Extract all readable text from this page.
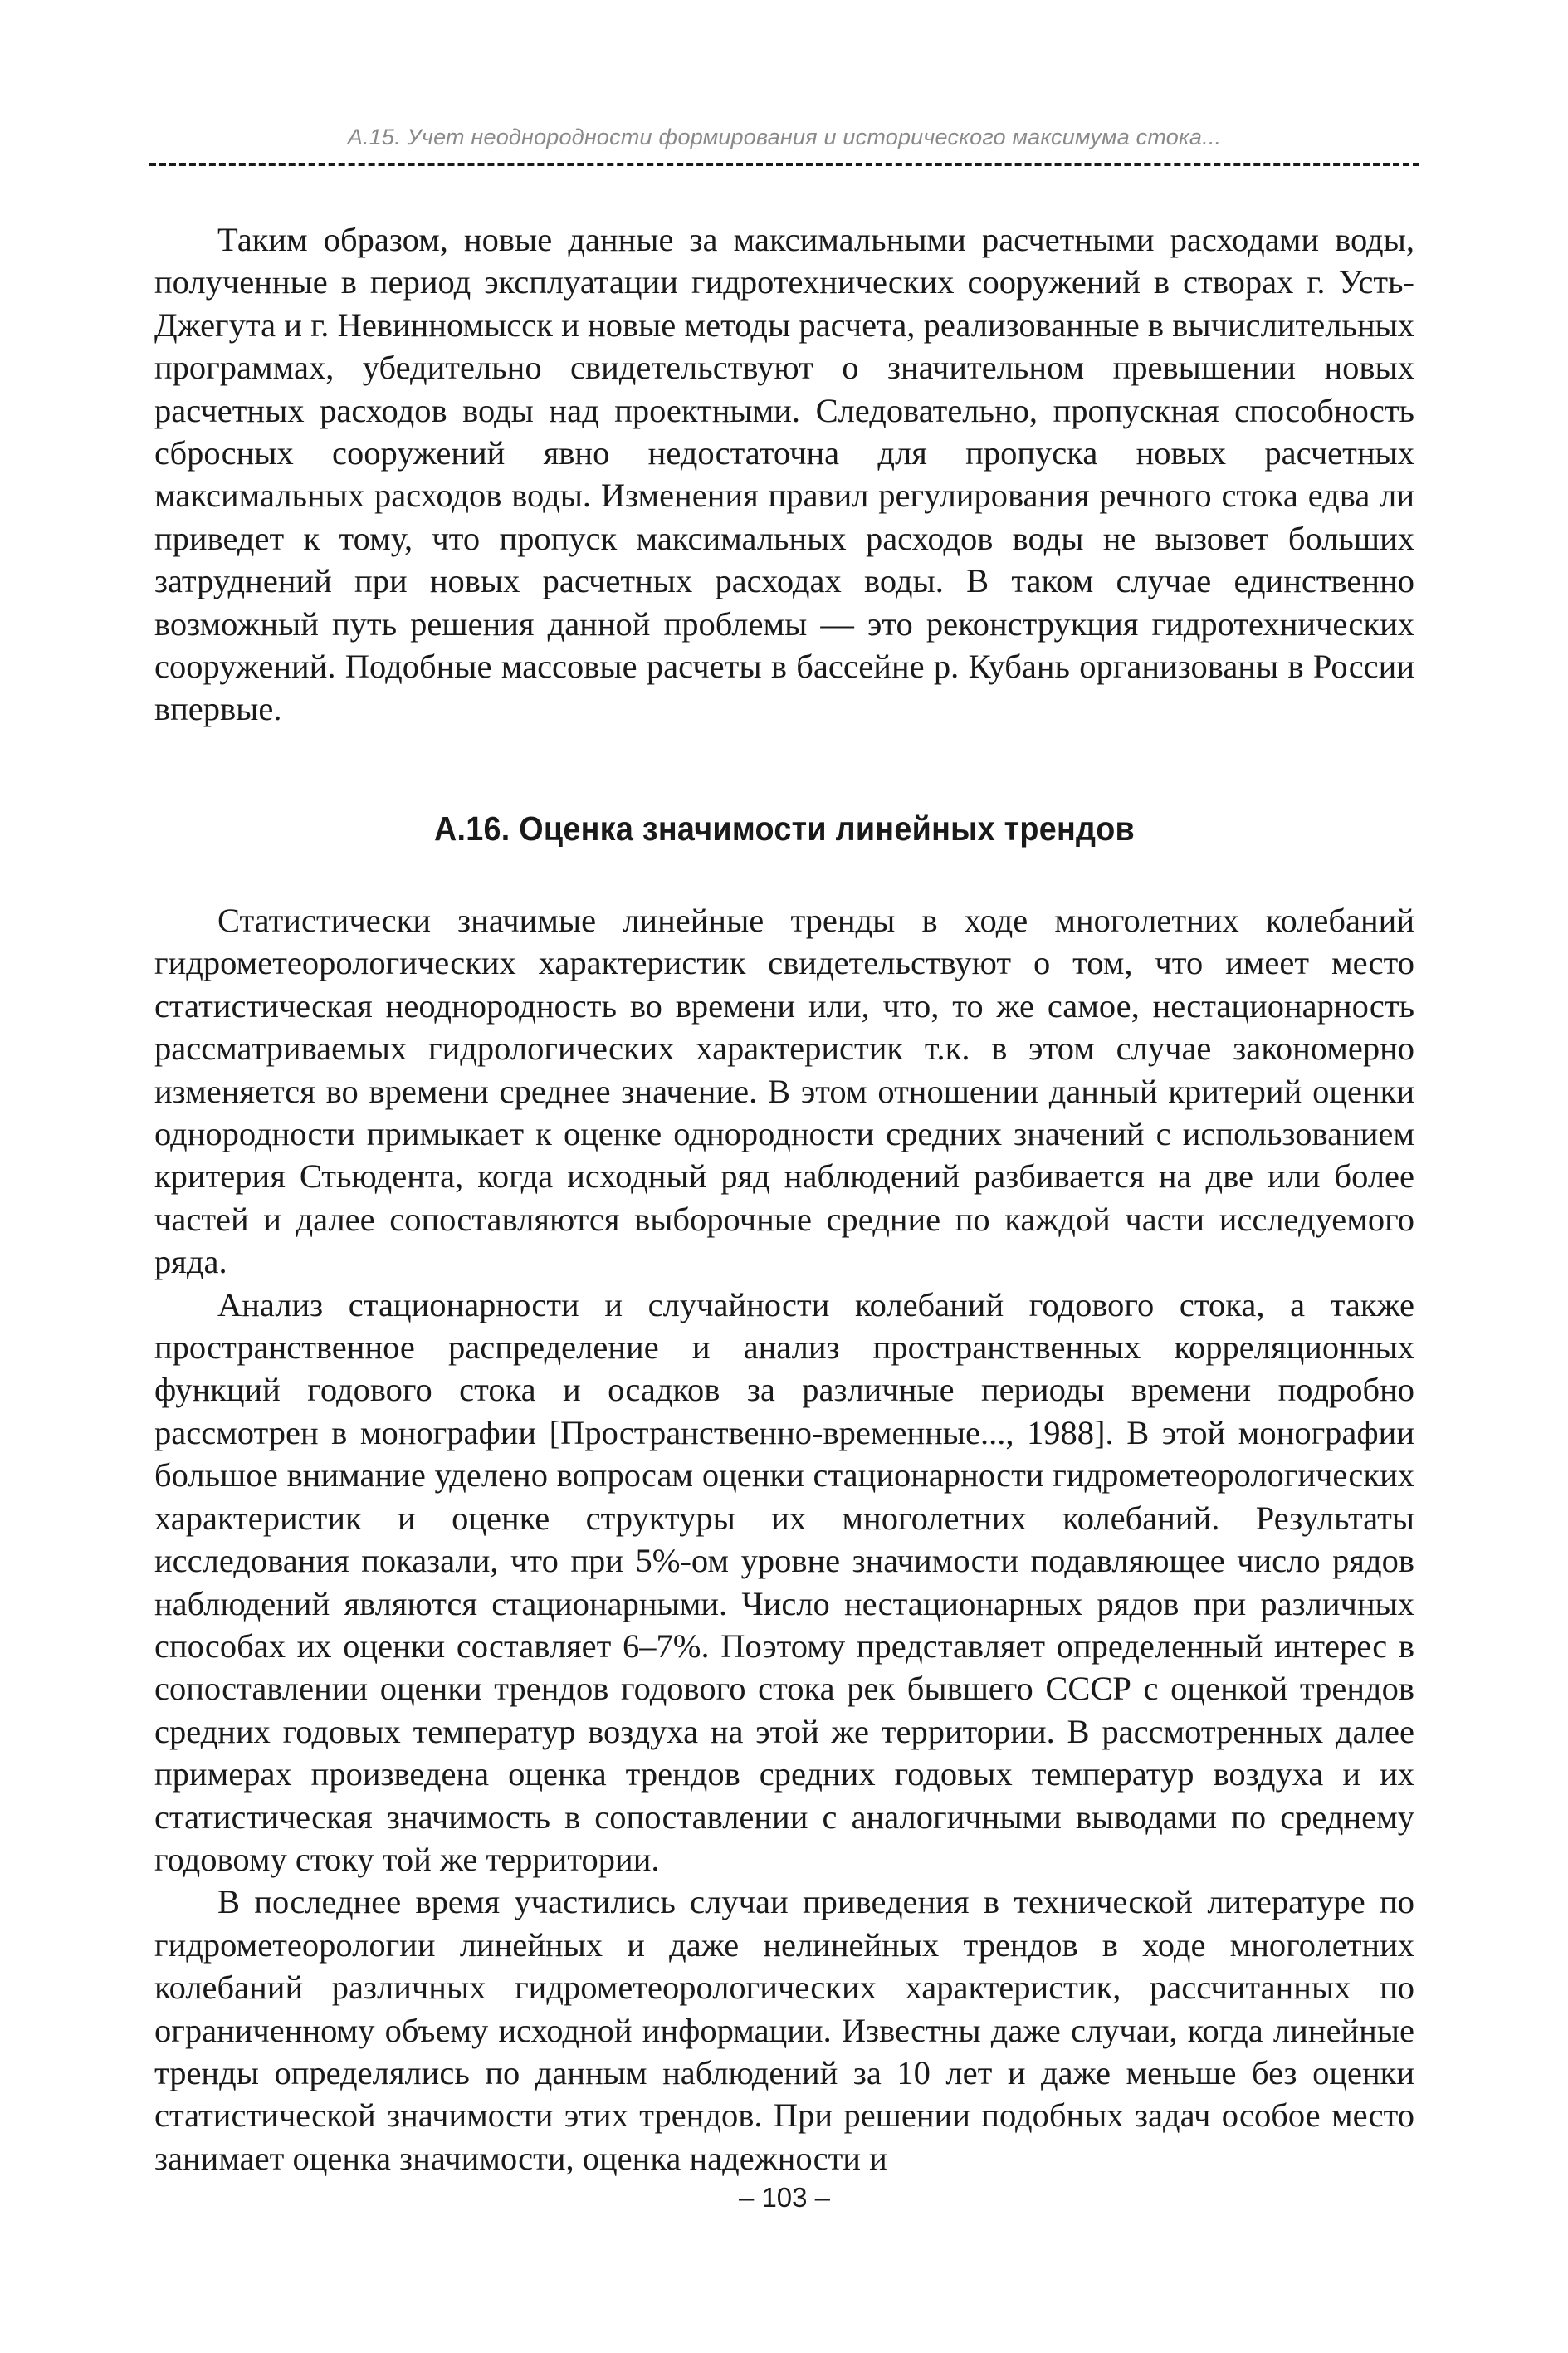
А.15. Учет неоднородности формирования и исторического максимума стока...

Таким образом, новые данные за максимальными расчетными расходами воды, полученные в период эксплуатации гидротехнических сооружений в створах г. Усть-Джегута и г. Невинномысск и новые методы расчета, реализованные в вычислительных программах, убедительно свидетельствуют о значительном превышении новых расчетных расходов воды над проектными. Следовательно, пропускная способность сбросных сооружений явно недостаточна для пропуска новых расчетных максимальных расходов воды. Изменения правил регулирования речного стока едва ли приведет к тому, что пропуск максимальных расходов воды не вызовет больших затруднений при новых расчетных расходах воды. В таком случае единственно возможный путь решения данной проблемы — это реконструкция гидротехнических сооружений. Подобные массовые расчеты в бассейне р. Кубань организованы в России впервые.

А.16. Оценка значимости линейных трендов

Статистически значимые линейные тренды в ходе многолетних колебаний гидрометеорологических характеристик свидетельствуют о том, что имеет место статистическая неоднородность во времени или, что, то же самое, нестационарность рассматриваемых гидрологических характеристик т.к. в этом случае закономерно изменяется во времени среднее значение. В этом отношении данный критерий оценки однородности примыкает к оценке однородности средних значений с использованием критерия Стьюдента, когда исходный ряд наблюдений разбивается на две или более частей и далее сопоставляются выборочные средние по каждой части исследуемого ряда.

Анализ стационарности и случайности колебаний годового стока, а также пространственное распределение и анализ пространственных корреляционных функций годового стока и осадков за различные периоды времени подробно рассмотрен в монографии [Пространственно-временные..., 1988]. В этой монографии большое внимание уделено вопросам оценки стационарности гидрометеорологических характеристик и оценке структуры их многолетних колебаний. Результаты исследования показали, что при 5%-ом уровне значимости подавляющее число рядов наблюдений являются стационарными. Число нестационарных рядов при различных способах их оценки составляет 6–7%. Поэтому представляет определенный интерес в сопоставлении оценки трендов годового стока рек бывшего СССР с оценкой трендов средних годовых температур воздуха на этой же территории. В рассмотренных далее примерах произведена оценка трендов средних годовых температур воздуха и их статистическая значимость в сопоставлении с аналогичными выводами по среднему годовому стоку той же территории.

В последнее время участились случаи приведения в технической литературе по гидрометеорологии линейных и даже нелинейных трендов в ходе многолетних колебаний различных гидрометеорологических характеристик, рассчитанных по ограниченному объему исходной информации. Известны даже случаи, когда линейные тренды определялись по данным наблюдений за 10 лет и даже меньше без оценки статистической значимости этих трендов. При решении подобных задач особое место занимает оценка значимости, оценка надежности и

– 103 –
